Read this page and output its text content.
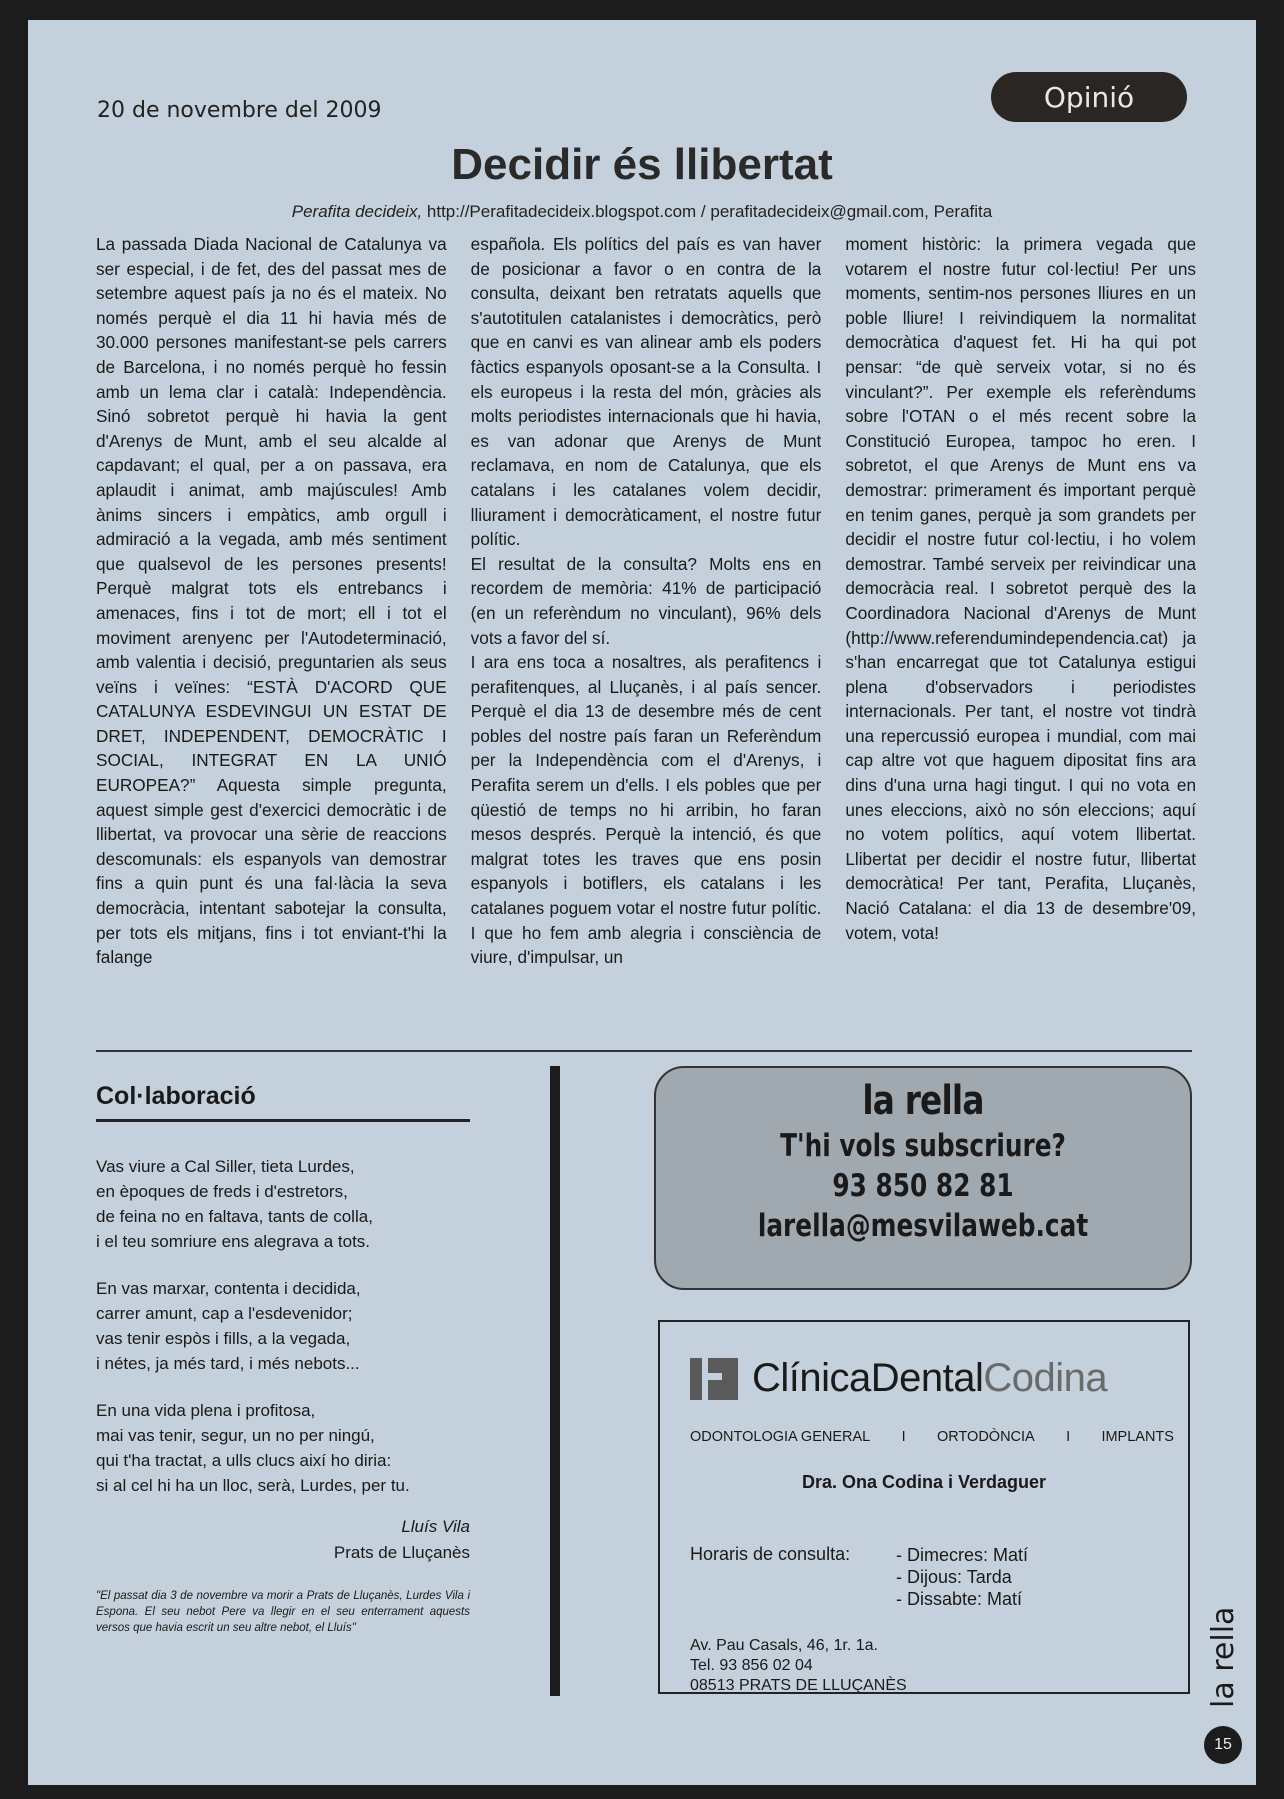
20 de novembre del 2009	Opinió
Decidir és llibertat
Perafita decideix, http://Perafitadecideix.blogspot.com / perafitadecideix@gmail.com, Perafita

La passada Diada Nacional de Catalunya va ser especial, i de fet, des del passat mes de setembre aquest país ja no és el mateix. No només perquè el dia 11 hi havia més de 30.000 persones manifestant-se pels carrers de Barcelona, i no només perquè ho fessin amb un lema clar i català: Independència. Sinó sobretot perquè hi havia la gent d'Arenys de Munt, amb el seu alcalde al capdavant; el qual, per a on passava, era aplaudit i animat, amb majúscules! Amb ànims sincers i empàtics, amb orgull i admiració a la vegada, amb més sentiment que qualsevol de les persones presents! Perquè malgrat tots els entrebancs i amenaces, fins i tot de mort; ell i tot el moviment arenyenc per l'Autodeterminació, amb valentia i decisió, preguntarien als seus veïns i veïnes: “ESTÀ D'ACORD QUE CATALUNYA ESDEVINGUI UN ESTAT DE DRET, INDEPENDENT, DEMOCRÀTIC I SOCIAL, INTEGRAT EN LA UNIÓ EUROPEA?” Aquesta simple pregunta, aquest simple gest d'exercici democràtic i de llibertat, va provocar una sèrie de reaccions descomunals: els espanyols van demostrar fins a quin punt és una fal·làcia la seva democràcia, intentant sabotejar la consulta, per tots els mitjans, fins i tot enviant-t'hi la falange

española. Els polítics del país es van haver de posicionar a favor o en contra de la consulta, deixant ben retratats aquells que s'autotitulen catalanistes i democràtics, però que en canvi es van alinear amb els poders fàctics espanyols oposant-se a la Consulta. I els europeus i la resta del món, gràcies als molts periodistes internacionals que hi havia, es van adonar que Arenys de Munt reclamava, en nom de Catalunya, que els catalans i les catalanes volem decidir, lliurament i democràticament, el nostre futur polític.

El resultat de la consulta? Molts ens en recordem de memòria: 41% de participació (en un referèndum no vinculant), 96% dels vots a favor del sí.

I ara ens toca a nosaltres, als perafitencs i perafitenques, al Lluçanès, i al país sencer. Perquè el dia 13 de desembre més de cent pobles del nostre país faran un Referèndum per la Independència com el d'Arenys, i Perafita serem un d'ells. I els pobles que per qüestió de temps no hi arribin, ho faran mesos després. Perquè la intenció, és que malgrat totes les traves que ens posin espanyols i botiflers, els catalans i les catalanes poguem votar el nostre futur polític. I que ho fem amb alegria i consciència de viure, d'impulsar, un

moment històric: la primera vegada que votarem el nostre futur col·lectiu! Per uns moments, sentim-nos persones lliures en un poble lliure! I reivindiquem la normalitat democràtica d'aquest fet. Hi ha qui pot pensar: “de què serveix votar, si no és vinculant?”. Per exemple els referèndums sobre l'OTAN o el més recent sobre la Constitució Europea, tampoc ho eren. I sobretot, el que Arenys de Munt ens va demostrar: primerament és important perquè en tenim ganes, perquè ja som grandets per decidir el nostre futur col·lectiu, i ho volem demostrar. També serveix per reivindicar una democràcia real. I sobretot perquè des la Coordinadora Nacional d'Arenys de Munt (http://www.referendumindependencia.cat) ja s'han encarregat que tot Catalunya estigui plena d'observadors i periodistes internacionals. Per tant, el nostre vot tindrà una repercussió europea i mundial, com mai cap altre vot que haguem dipositat fins ara dins d'una urna hagi tingut. I qui no vota en unes eleccions, això no són eleccions; aquí no votem polítics, aquí votem llibertat. Llibertat per decidir el nostre futur, llibertat democràtica! Per tant, Perafita, Lluçanès, Nació Catalana: el dia 13 de desembre'09, votem, vota!

Col·laboració
Vas viure a Cal Siller, tieta Lurdes,
en èpoques de freds i d'estretors,
de feina no en faltava, tants de colla,
i el teu somriure ens alegrava a tots.
En vas marxar, contenta i decidida,
carrer amunt, cap a l'esdevenidor;
vas tenir espòs i fills, a la vegada,
i nétes, ja més tard, i més nebots...
En una vida plena i profitosa,
mai vas tenir, segur, un no per ningú,
qui t'ha tractat, a ulls clucs així ho diria:
si al cel hi ha un lloc, serà, Lurdes, per tu.
Lluís Vila
Prats de Lluçanès
"El passat dia 3 de novembre va morir a Prats de Lluçanès, Lurdes Vila i Espona. El seu nebot Pere va llegir en el seu enterrament aquests versos que havia escrit un seu altre nebot, el Lluís"
la rella
T'hi vols subscriure?
93 850 82 81
larella@mesvilaweb.cat
ClínicaDentalCodina
ODONTOLOGIA GENERAL I ORTODÒNCIA I IMPLANTS
Dra. Ona Codina i Verdaguer
Horaris de consulta:	- Dimecres: Matí
- Dijous: Tarda
- Dissabte: Matí
Av. Pau Casals, 46, 1r. 1a.
Tel. 93 856 02 04
08513 PRATS DE LLUÇANÈS	la rella
15
